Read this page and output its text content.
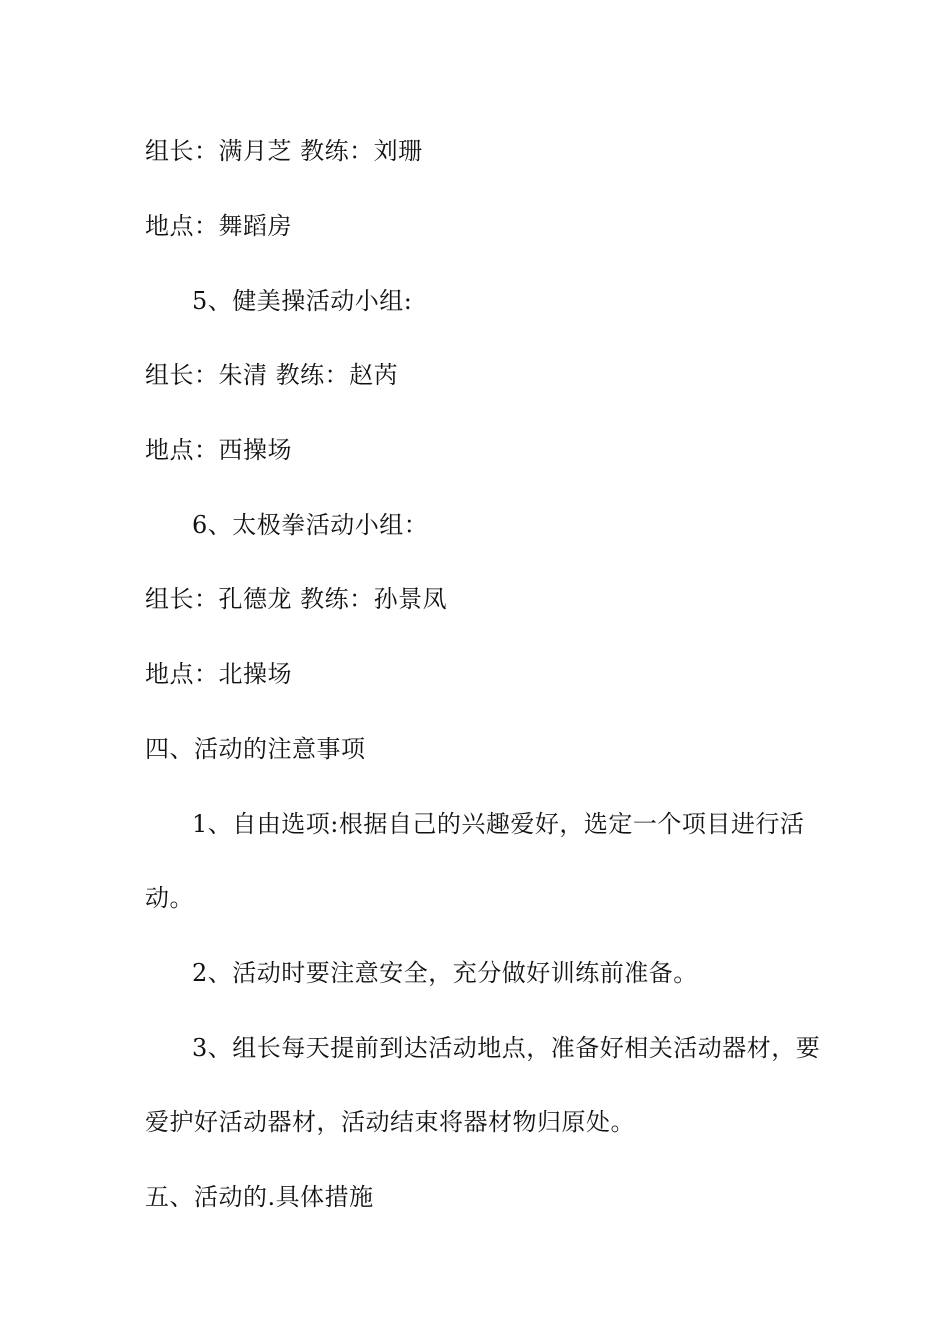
组长：满月芝 教练：刘珊
地点：舞蹈房
5、健美操活动小组:
组长：朱清 教练：赵芮
地点：西操场
6、太极拳活动小组：
组长：孔德龙 教练：孙景凤
地点：北操场
四、活动的注意事项
1、自由选项:根据自己的兴趣爱好，选定一个项目进行活
动。
2、活动时要注意安全，充分做好训练前准备。
3、组长每天提前到达活动地点，准备好相关活动器材，要
爱护好活动器材，活动结束将器材物归原处。
五、活动的.具体措施
